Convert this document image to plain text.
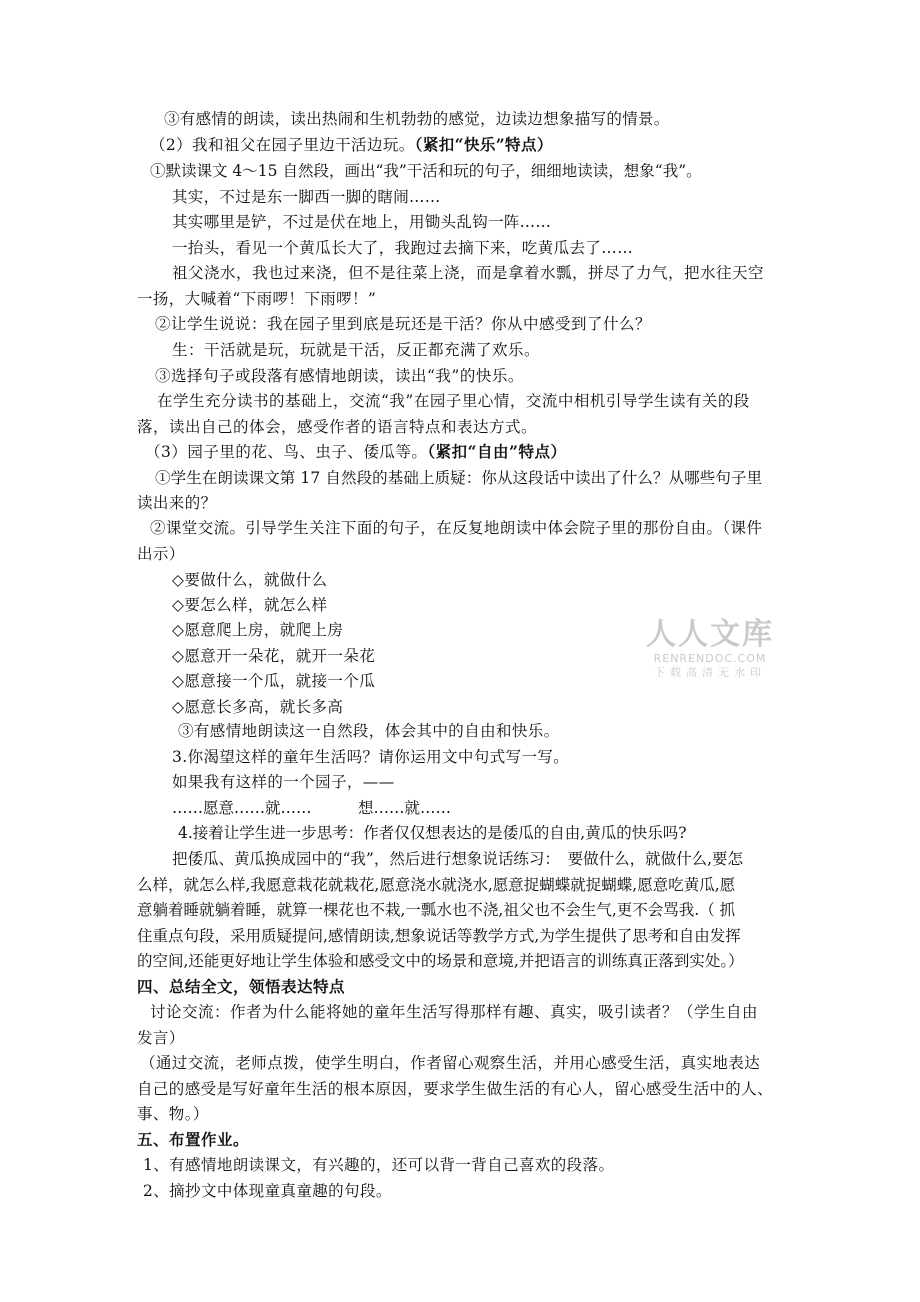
③有感情的朗读，读出热闹和生机勃勃的感觉，边读边想象描写的情景。
（2）我和祖父在园子里边干活边玩。（紧扣“快乐”特点）
①默读课文 4～15 自然段，画出“我”干活和玩的句子，细细地读读，想象“我”。
其实，不过是东一脚西一脚的瞎闹……
其实哪里是铲，不过是伏在地上，用锄头乱钩一阵……
一抬头，看见一个黄瓜长大了，我跑过去摘下来，吃黄瓜去了……
祖父浇水，我也过来浇，但不是往菜上浇，而是拿着水瓢，拼尽了力气，把水往天空
一扬，大喊着“下雨啰！下雨啰！”
②让学生说说：我在园子里到底是玩还是干活？你从中感受到了什么？
生：干活就是玩，玩就是干活，反正都充满了欢乐。
③选择句子或段落有感情地朗读，读出“我”的快乐。
在学生充分读书的基础上，交流“我”在园子里心情，交流中相机引导学生读有关的段
落，读出自己的体会，感受作者的语言特点和表达方式。
（3）园子里的花、鸟、虫子、倭瓜等。（紧扣“自由”特点）
①学生在朗读课文第 17 自然段的基础上质疑：你从这段话中读出了什么？从哪些句子里
读出来的？
②课堂交流。引导学生关注下面的句子，在反复地朗读中体会院子里的那份自由。（课件
出示）
◇要做什么，就做什么
◇要怎么样，就怎么样
◇愿意爬上房，就爬上房
◇愿意开一朵花，就开一朵花
◇愿意接一个瓜，就接一个瓜
◇愿意长多高，就长多高
③有感情地朗读这一自然段，体会其中的自由和快乐。
3.你渴望这样的童年生活吗？请你运用文中句式写一写。
如果我有这样的一个园子，——
……愿意……就……　　　想……就……
4.接着让学生进一步思考：作者仅仅想表达的是倭瓜的自由,黄瓜的快乐吗?
把倭瓜、黄瓜换成园中的“我”，然后进行想象说话练习：　要做什么，就做什么,要怎
么样，就怎么样,我愿意栽花就栽花,愿意浇水就浇水,愿意捉蝴蝶就捉蝴蝶,愿意吃黄瓜,愿
意躺着睡就躺着睡，就算一棵花也不栽,一瓢水也不浇,祖父也不会生气,更不会骂我.（ 抓
住重点句段，采用质疑提问,感情朗读,想象说话等教学方式,为学生提供了思考和自由发挥
的空间,还能更好地让学生体验和感受文中的场景和意境,并把语言的训练真正落到实处。）
四、总结全文，领悟表达特点
讨论交流：作者为什么能将她的童年生活写得那样有趣、真实，吸引读者？（学生自由
发言）
（通过交流，老师点拨，使学生明白，作者留心观察生活，并用心感受生活，真实地表达
自己的感受是写好童年生活的根本原因，要求学生做生活的有心人，留心感受生活中的人、
事、物。）
五、布置作业。
1、有感情地朗读课文，有兴趣的，还可以背一背自己喜欢的段落。
2、摘抄文中体现童真童趣的句段。
人人文库
RENRENDOC.COM
下载高清无水印
